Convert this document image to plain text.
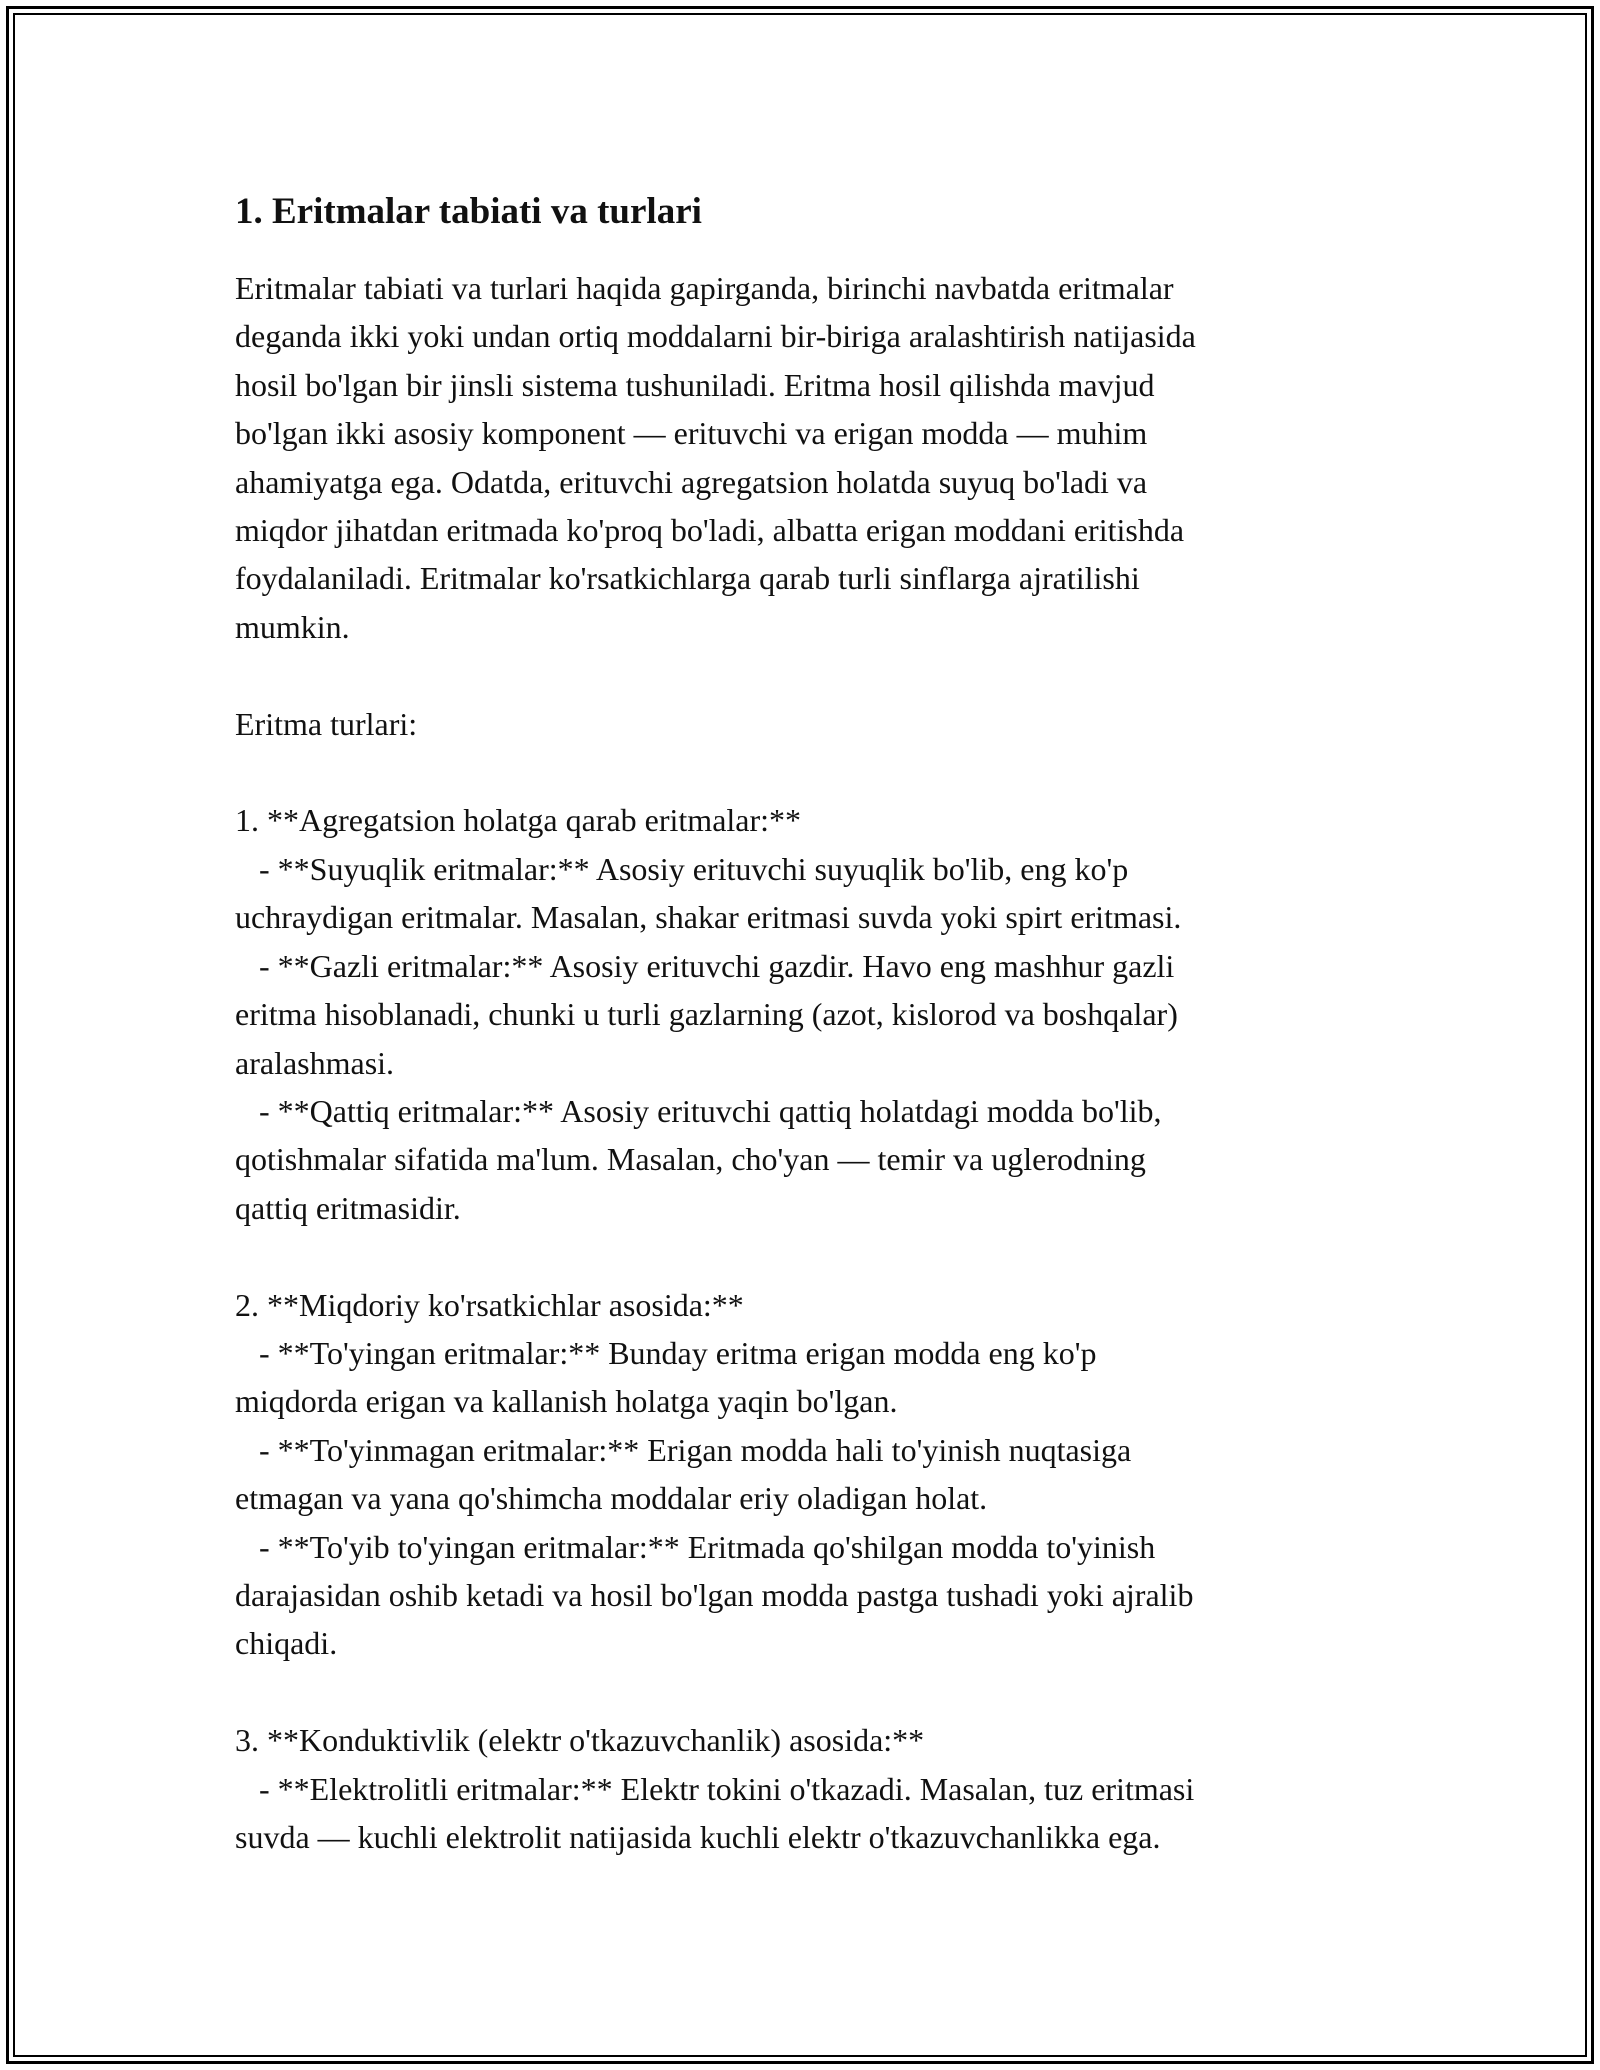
1. Eritmalar tabiati va turlari

Eritmalar tabiati va turlari haqida gapirganda, birinchi navbatda eritmalar
deganda ikki yoki undan ortiq moddalarni bir-biriga aralashtirish natijasida
hosil bo'lgan bir jinsli sistema tushuniladi. Eritma hosil qilishda mavjud
bo'lgan ikki asosiy komponent — erituvchi va erigan modda — muhim
ahamiyatga ega. Odatda, erituvchi agregatsion holatda suyuq bo'ladi va
miqdor jihatdan eritmada ko'proq bo'ladi, albatta erigan moddani eritishda
foydalaniladi. Eritmalar ko'rsatkichlarga qarab turli sinflarga ajratilishi
mumkin.

Eritma turlari:

1. **Agregatsion holatga qarab eritmalar:**
- **Suyuqlik eritmalar:** Asosiy erituvchi suyuqlik bo'lib, eng ko'p
uchraydigan eritmalar. Masalan, shakar eritmasi suvda yoki spirt eritmasi.
- **Gazli eritmalar:** Asosiy erituvchi gazdir. Havo eng mashhur gazli
eritma hisoblanadi, chunki u turli gazlarning (azot, kislorod va boshqalar)
aralashmasi.
- **Qattiq eritmalar:** Asosiy erituvchi qattiq holatdagi modda bo'lib,
qotishmalar sifatida ma'lum. Masalan, cho'yan — temir va uglerodning
qattiq eritmasidir.

2. **Miqdoriy ko'rsatkichlar asosida:**
- **To'yingan eritmalar:** Bunday eritma erigan modda eng ko'p
miqdorda erigan va kallanish holatga yaqin bo'lgan.
- **To'yinmagan eritmalar:** Erigan modda hali to'yinish nuqtasiga
etmagan va yana qo'shimcha moddalar eriy oladigan holat.
- **To'yib to'yingan eritmalar:** Eritmada qo'shilgan modda to'yinish
darajasidan oshib ketadi va hosil bo'lgan modda pastga tushadi yoki ajralib
chiqadi.

3. **Konduktivlik (elektr o'tkazuvchanlik) asosida:**
- **Elektrolitli eritmalar:** Elektr tokini o'tkazadi. Masalan, tuz eritmasi
suvda — kuchli elektrolit natijasida kuchli elektr o'tkazuvchanlikka ega.
